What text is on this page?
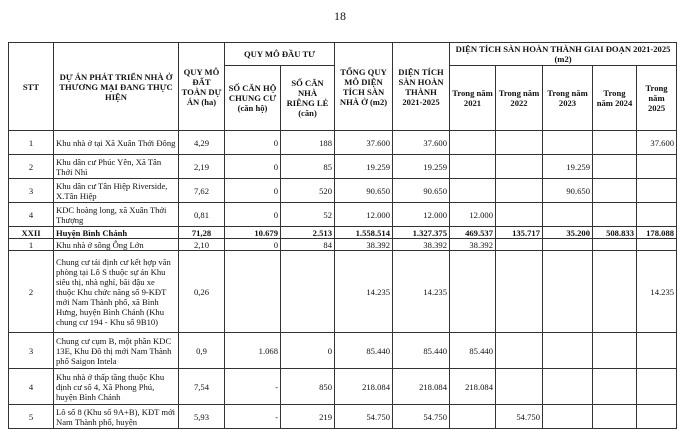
18
STT	DỰ ÁN PHÁT TRIỂN NHÀ Ở THƯƠNG MẠI ĐANG THỰC HIỆN	QUY MÔ ĐẤT TOÀN DỰ ÁN (ha)	QUY MÔ ĐẦU TƯ		TỔNG QUY MÔ DIỆN TÍCH SÀN NHÀ Ở (m2)	DIỆN TÍCH SÀN HOÀN THÀNH 2021-2025	DIỆN TÍCH SÀN HOÀN THÀNH GIAI ĐOẠN 2021-2025 (m2)				
			SỐ CĂN HỘ CHUNG CƯ (căn hộ)	SỐ CĂN NHÀ RIÊNG LẺ (căn)			Trong năm 2021	Trong năm 2022	Trong năm 2023	Trong năm 2024	Trong năm 2025
1	Khu nhà ở tại Xã Xuân Thới Đông	4,29	0	188	37.600	37.600					37.600
2	Khu dân cư Phúc Yên, Xã Tân Thới Nhì	2,19	0	85	19.259	19.259			19.259		
3	Khu dân cư Tân Hiệp Riverside, X.Tân Hiệp	7,62	0	520	90.650	90.650			90.650		
4	KDC hoàng long, xã Xuân Thới Thượng	0,81	0	52	12.000	12.000	12.000				
XXII	Huyện Bình Chánh	71,28	10.679	2.513	1.558.514	1.327.375	469.537	135.717	35.200	508.833	178.088
1	Khu nhà ở sông Ông Lớn	2,10	0	84	38.392	38.392	38.392				
2	Chung cư tái định cư kết hợp văn phòng tại Lô S thuộc sự án Khu siêu thị, nhà nghỉ, bãi đậu xe thuộc Khu chức năng số 9-KĐT mới Nam Thành phố, xã Bình Hưng, huyện Bình Chánh (Khu chung cư 194 - Khu số 9B10)	0,26			14.235	14.235					14.235
3	Chung cư cụm B, một phần KDC 13E, Khu Đô thị mới Nam Thành phố Saigon Intela	0,9	1.068	0	85.440	85.440	85.440				
4	Khu nhà ở thấp tầng thuộc Khu định cư số 4, Xã Phong Phú, huyện Bình Chánh	7,54	-	850	218.084	218.084	218.084				
5	Lô số 8 (Khu số 9A+B), KĐT mới Nam Thành phố, huyện	5,93	-	219	54.750	54.750		54.750			
